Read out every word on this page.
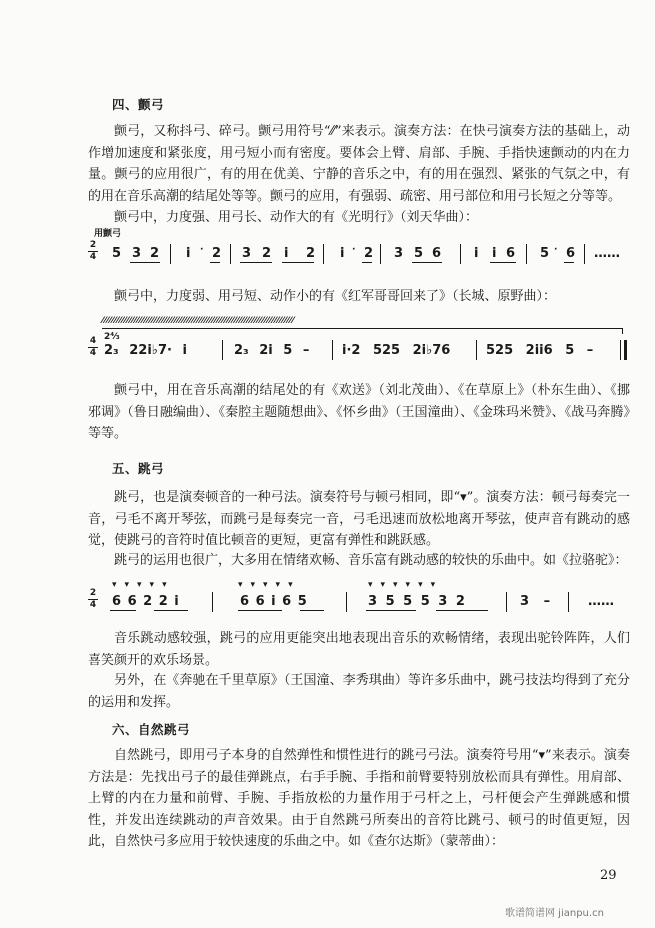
四、颤弓

颤弓，又称抖弓、碎弓。颤弓用符号“⁄⁄”来表示。演奏方法：在快弓演奏方法的基础上，动作增加速度和紧张度，用弓短小而有密度。要体会上臂、肩部、手腕、手指快速颤动的内在力量。颤弓的应用很广，有的用在优美、宁静的音乐之中，有的用在强烈、紧张的气氛之中，有的用在音乐高潮的结尾处等等。颤弓的应用，有强弱、疏密、用弓部位和用弓长短之分等等。

颤弓中，力度强、用弓长、动作大的有《光明行》（刘天华曲）：

用颤弓
2
4 5 3 2 i · 2 3 2 i 2 i · 2 3 5 6	i i 6 5 · 6 ……

颤弓中，力度弱、用弓短、动作小的有《红军哥哥回来了》（长城、原野曲）：

⁄⁄⁄⁄⁄⁄⁄⁄⁄⁄⁄⁄⁄⁄⁄⁄⁄⁄⁄⁄⁄⁄⁄⁄⁄⁄⁄⁄⁄⁄⁄⁄⁄⁄⁄⁄⁄⁄⁄⁄⁄⁄⁄⁄⁄⁄⁄⁄⁄⁄⁄⁄⁄⁄⁄⁄⁄⁄⁄⁄⁄⁄⁄⁄⁄⁄⁄⁄⁄⁄⁄⁄⁄⁄⁄⁄⁄
4
4
2⁴⁄₃
2₃ 22i♭7· i	2₃ 2i 5 –	i·2 525 2i♭76	525 2ii6 5 –

颤弓中，用在音乐高潮的结尾处的有《欢送》（刘北茂曲）、《在草原上》（朴东生曲）、《挪邪调》（鲁日融编曲）、《秦腔主题随想曲》、《怀乡曲》（王国潼曲）、《金珠玛米赞》、《战马奔腾》等等。

五、跳弓

跳弓，也是演奏顿音的一种弓法。演奏符号与顿弓相同，即“▾”。演奏方法：顿弓每奏完一音，弓毛不离开琴弦，而跳弓是每奏完一音，弓毛迅速而放松地离开琴弦，使声音有跳动的感觉，使跳弓的音符时值比顿音的更短，更富有弹性和跳跃感。

跳弓的运用也很广，大多用在情绪欢畅、音乐富有跳动感的较快的乐曲中。如《拉骆驼》：

2
4
▾▾▾▾▾
6 6 2 2 i
▾▾▾▾▾
6 6 i 6 5
▾▾▾▾▾▾
3 5 5 5 3 2	3 –	……

音乐跳动感较强，跳弓的应用更能突出地表现出音乐的欢畅情绪，表现出驼铃阵阵，人们喜笑颜开的欢乐场景。

另外，在《奔驰在千里草原》（王国潼、李秀琪曲）等许多乐曲中，跳弓技法均得到了充分的运用和发挥。

六、自然跳弓

自然跳弓，即用弓子本身的自然弹性和惯性进行的跳弓弓法。演奏符号用“▾”来表示。演奏方法是：先找出弓子的最佳弹跳点，右手手腕、手指和前臂要特别放松而具有弹性。用肩部、上臂的内在力量和前臂、手腕、手指放松的力量作用于弓杆之上，弓杆便会产生弹跳感和惯性，并发出连续跳动的声音效果。由于自然跳弓所奏出的音符比跳弓、顿弓的时值更短，因此，自然快弓多应用于较快速度的乐曲之中。如《查尔达斯》（蒙蒂曲）：

29
歌谱简谱网 jianpu.cn
